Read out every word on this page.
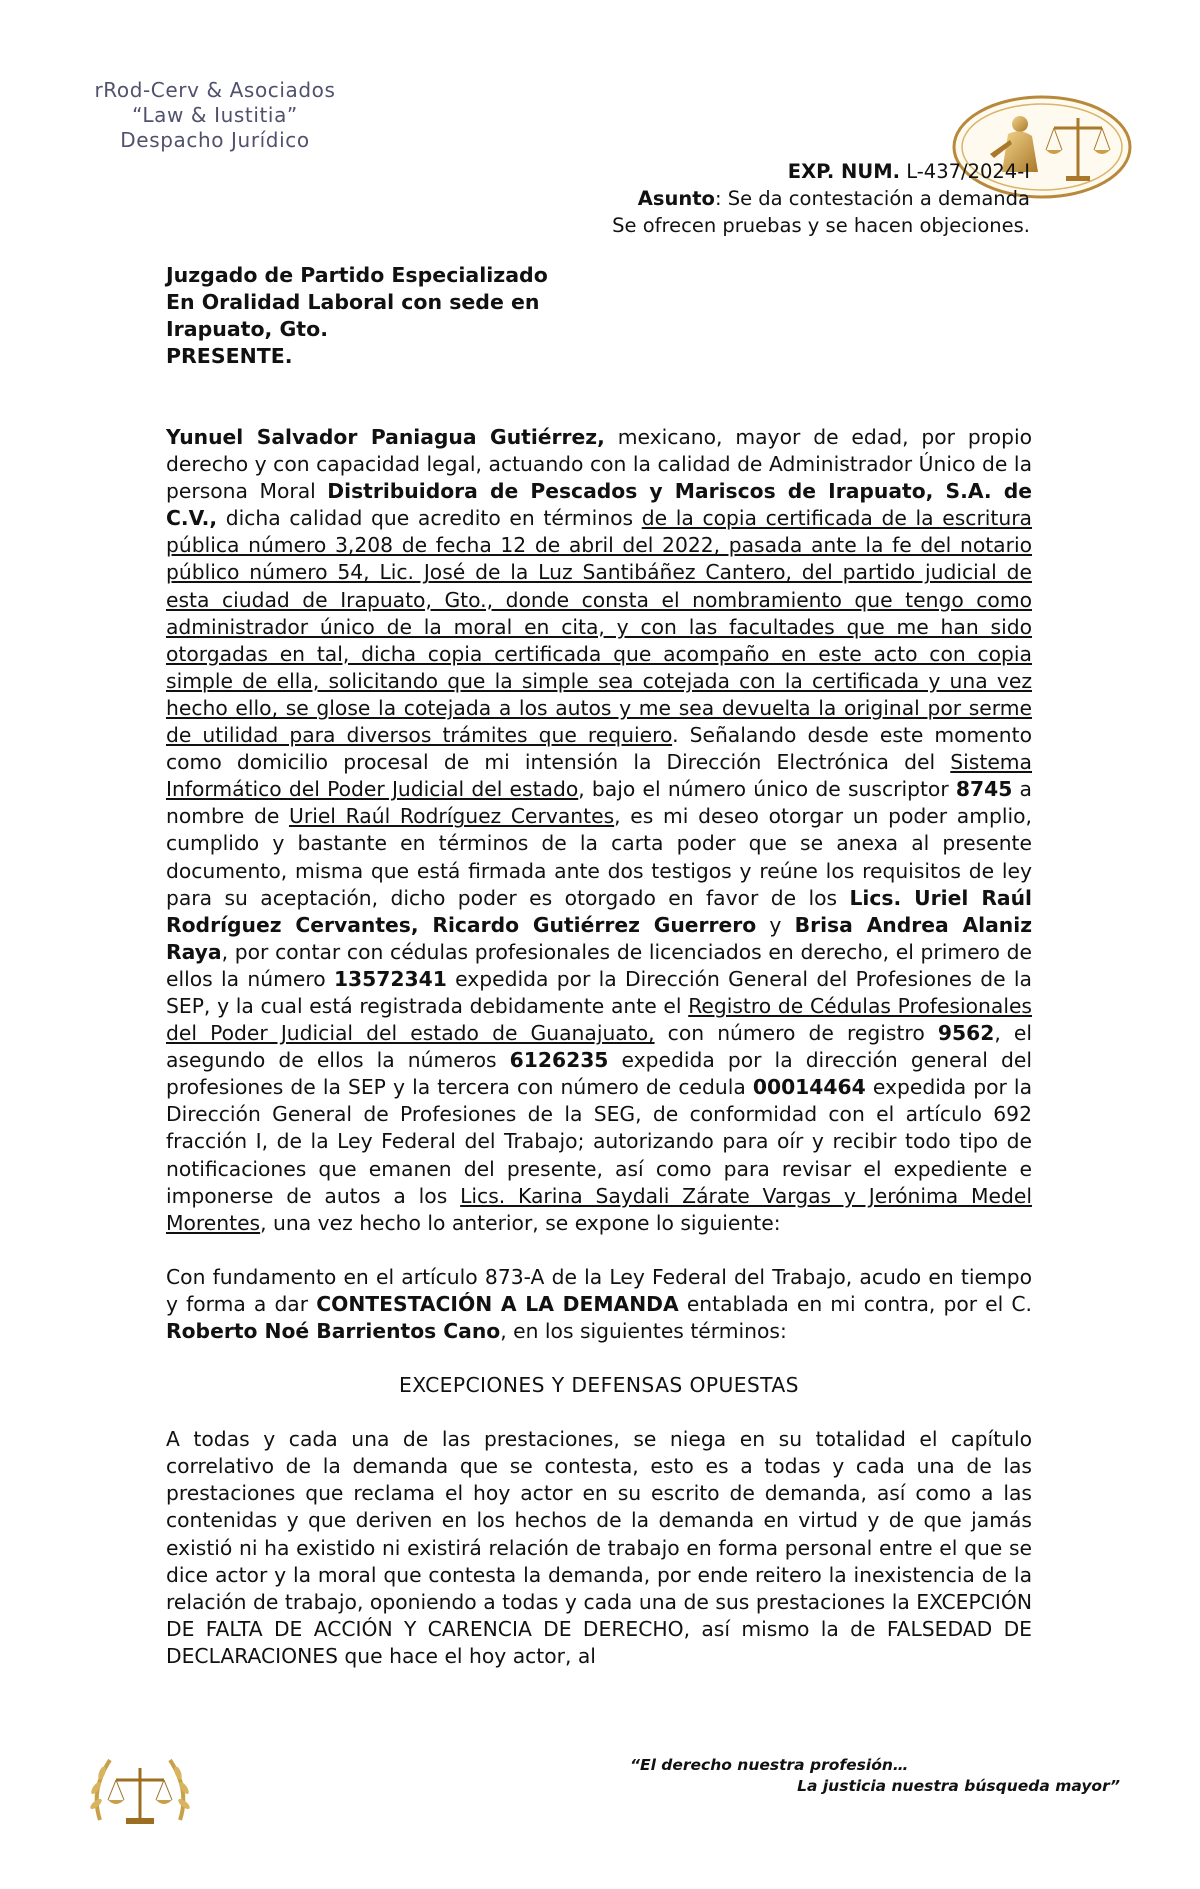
rRod-Cerv & Asociados
“Law & Iustitia”
Despacho Jurídico
EXP. NUM. L-437/2024-I
Asunto: Se da contestación a demanda
Se ofrecen pruebas y se hacen objeciones.
Juzgado de Partido Especializado
En Oralidad Laboral con sede en
Irapuato, Gto.
PRESENTE.

Yunuel Salvador Paniagua Gutiérrez, mexicano, mayor de edad, por propio derecho y con capacidad legal, actuando con la calidad de Administrador Único de la persona Moral Distribuidora de Pescados y Mariscos de Irapuato, S.A. de C.V., dicha calidad que acredito en términos de la copia certificada de la escritura pública número 3,208 de fecha 12 de abril del 2022, pasada ante la fe del notario público número 54, Lic. José de la Luz Santibáñez Cantero, del partido judicial de esta ciudad de Irapuato, Gto., donde consta el nombramiento que tengo como administrador único de la moral en cita, y con las facultades que me han sido otorgadas en tal, dicha copia certificada que acompaño en este acto con copia simple de ella, solicitando que la simple sea cotejada con la certificada y una vez hecho ello, se glose la cotejada a los autos y me sea devuelta la original por serme de utilidad para diversos trámites que requiero. Señalando desde este momento como domicilio procesal de mi intensión la Dirección Electrónica del Sistema Informático del Poder Judicial del estado, bajo el número único de suscriptor 8745 a nombre de Uriel Raúl Rodríguez Cervantes, es mi deseo otorgar un poder amplio, cumplido y bastante en términos de la carta poder que se anexa al presente documento, misma que está firmada ante dos testigos y reúne los requisitos de ley para su aceptación, dicho poder es otorgado en favor de los Lics. Uriel Raúl Rodríguez Cervantes, Ricardo Gutiérrez Guerrero y Brisa Andrea Alaniz Raya, por contar con cédulas profesionales de licenciados en derecho, el primero de ellos la número 13572341 expedida por la Dirección General del Profesiones de la SEP, y la cual está registrada debidamente ante el Registro de Cédulas Profesionales del Poder Judicial del estado de Guanajuato, con número de registro 9562, el asegundo de ellos la números 6126235 expedida por la dirección general del profesiones de la SEP y la tercera con número de cedula 00014464 expedida por la Dirección General de Profesiones de la SEG, de conformidad con el artículo 692 fracción I, de la Ley Federal del Trabajo; autorizando para oír y recibir todo tipo de notificaciones que emanen del presente, así como para revisar el expediente e imponerse de autos a los Lics. Karina Saydali Zárate Vargas y Jerónima Medel Morentes, una vez hecho lo anterior, se expone lo siguiente:

Con fundamento en el artículo 873-A de la Ley Federal del Trabajo, acudo en tiempo y forma a dar CONTESTACIÓN A LA DEMANDA entablada en mi contra, por el C. Roberto Noé Barrientos Cano, en los siguientes términos:

EXCEPCIONES Y DEFENSAS OPUESTAS

A todas y cada una de las prestaciones, se niega en su totalidad el capítulo correlativo de la demanda que se contesta, esto es a todas y cada una de las prestaciones que reclama el hoy actor en su escrito de demanda, así como a las contenidas y que deriven en los hechos de la demanda en virtud y de que jamás existió ni ha existido ni existirá relación de trabajo en forma personal entre el que se dice actor y la moral que contesta la demanda, por ende reitero la inexistencia de la relación de trabajo, oponiendo a todas y cada una de sus prestaciones la EXCEPCIÓN DE FALTA DE ACCIÓN Y CARENCIA DE DERECHO, así mismo la de FALSEDAD DE DECLARACIONES que hace el hoy actor, al

“El derecho nuestra profesión…
La justicia nuestra búsqueda mayor”
